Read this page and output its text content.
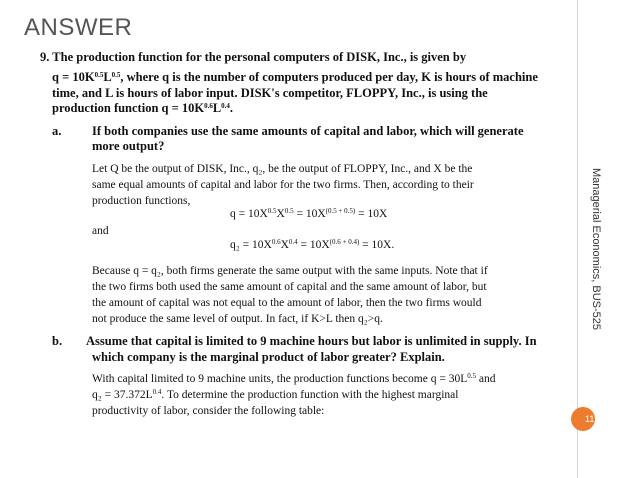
ANSWER
Managerial Economics, BUS-525
11
9. The production function for the personal computers of DISK, Inc., is given by
$q = 10K^{0.5}L^{0.5}$, where q is the number of computers produced per day, K is hours of machine
time, and L is hours of labor input. DISK's competitor, FLOPPY, Inc., is using the
production function $q = 10K^{0.6}L^{0.4}$.
a. If both companies use the same amounts of capital and labor, which will generate
more output?
Let Q be the output of DISK, Inc., q₂, be the output of FLOPPY, Inc., and X be the
same equal amounts of capital and labor for the two firms. Then, according to their
production functions,
$q = 10X^{0.5}X^{0.5} = 10X^{(0.5 + 0.5)} = 10X$
and
$q_2 = 10X^{0.6}X^{0.4} = 10X^{(0.6 + 0.4)} = 10X$.
Because q = q₂, both firms generate the same output with the same inputs. Note that if
the two firms both used the same amount of capital and the same amount of labor, but
the amount of capital was not equal to the amount of labor, then the two firms would
not produce the same level of output. In fact, if K>L then q₂>q.
b. Assume that capital is limited to 9 machine hours but labor is unlimited in supply. In
which company is the marginal product of labor greater? Explain.
With capital limited to 9 machine units, the production functions become $q = 30L^{0.5}$ and
$q_2 = 37.372L^{0.4}$. To determine the production function with the highest marginal
productivity of labor, consider the following table:
